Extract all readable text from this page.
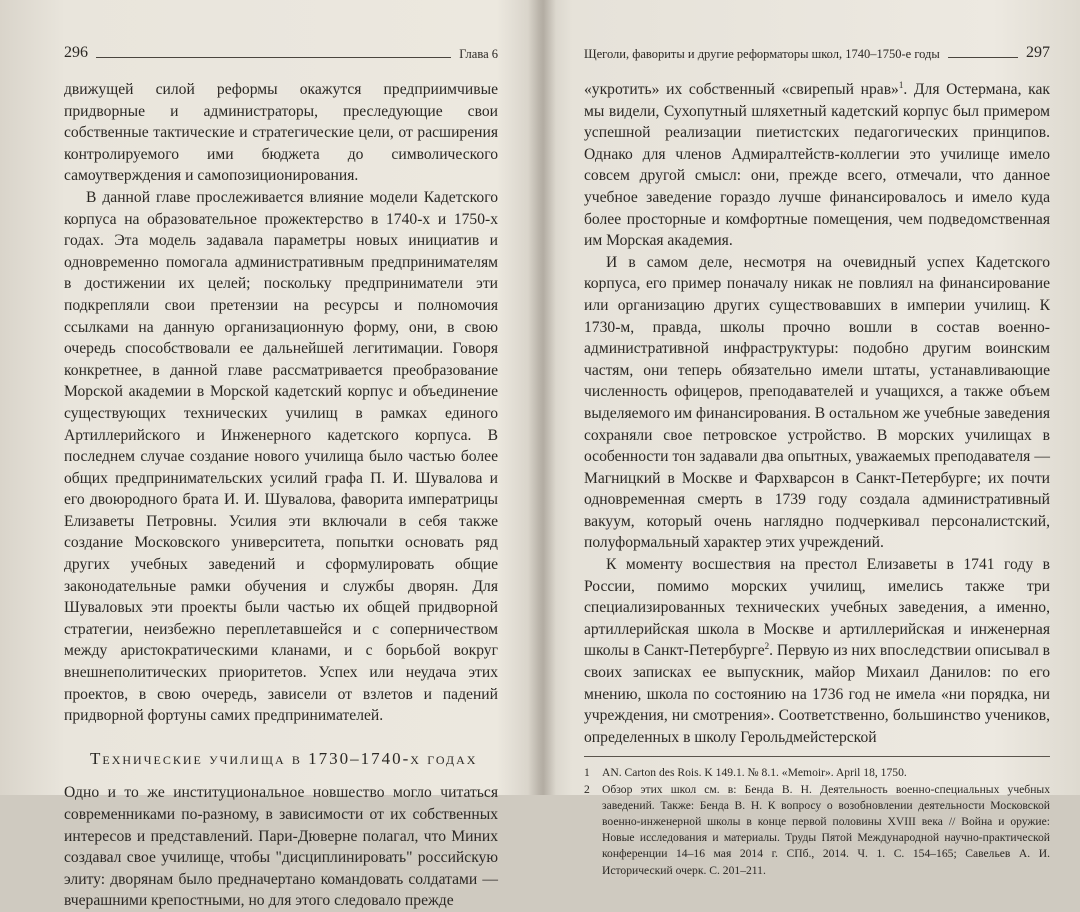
296	Глава 6

движущей силой реформы окажутся предприимчивые придворные и администраторы, преследующие свои собственные тактические и стратегические цели, от расширения контролируемого ими бюджета до символического самоутверждения и самопозиционирования.

В данной главе прослеживается влияние модели Кадетского корпуса на образовательное прожектерство в 1740-х и 1750-х годах. Эта модель задавала параметры новых инициатив и одновременно помогала административным предпринимателям в достижении их целей; поскольку предприниматели эти подкрепляли свои претензии на ресурсы и полномочия ссылками на данную организационную форму, они, в свою очередь способствовали ее дальнейшей легитимации. Говоря конкретнее, в данной главе рассматривается преобразование Морской академии в Морской кадетский корпус и объединение существующих технических училищ в рамках единого Артиллерийского и Инженерного кадетского корпуса. В последнем случае создание нового училища было частью более общих предпринимательских усилий графа П. И. Шувалова и его двоюродного брата И. И. Шувалова, фаворита императрицы Елизаветы Петровны. Усилия эти включали в себя также создание Московского университета, попытки основать ряд других учебных заведений и сформулировать общие законодательные рамки обучения и службы дворян. Для Шуваловых эти проекты были частью их общей придворной стратегии, неизбежно переплетавшейся и с соперничеством между аристократическими кланами, и с борьбой вокруг внешнеполитических приоритетов. Успех или неудача этих проектов, в свою очередь, зависели от взлетов и падений придворной фортуны самих предпринимателей.

Технические училища в 1730–1740-х годах

Одно и то же институциональное новшество могло читаться современниками по-разному, в зависимости от их собственных интересов и представлений. Пари-Дюверне полагал, что Миних создавал свое училище, чтобы "дисциплинировать" российскую элиту: дворянам было предначертано командовать солдатами — вчерашними крепостными, но для этого следовало прежде

Щеголи, фавориты и другие реформаторы школ, 1740–1750-е годы	297

«укротить» их собственный «свирепый нрав»$^1$. Для Остермана, как мы видели, Сухопутный шляхетный кадетский корпус был примером успешной реализации пиетистских педагогических принципов. Однако для членов Адмиралтейств-коллегии это училище имело совсем другой смысл: они, прежде всего, отмечали, что данное учебное заведение гораздо лучше финансировалось и имело куда более просторные и комфортные помещения, чем подведомственная им Морская академия.

И в самом деле, несмотря на очевидный успех Кадетского корпуса, его пример поначалу никак не повлиял на финансирование или организацию других существовавших в империи училищ. К 1730-м, правда, школы прочно вошли в состав военно-административной инфраструктуры: подобно другим воинским частям, они теперь обязательно имели штаты, устанавливающие численность офицеров, преподавателей и учащихся, а также объем выделяемого им финансирования. В остальном же учебные заведения сохраняли свое петровское устройство. В морских училищах в особенности тон задавали два опытных, уважаемых преподавателя — Магницкий в Москве и Фархварсон в Санкт-Петербурге; их почти одновременная смерть в 1739 году создала административный вакуум, который очень наглядно подчеркивал персоналистский, полуформальный характер этих учреждений.

К моменту восшествия на престол Елизаветы в 1741 году в России, помимо морских училищ, имелись также три специализированных технических учебных заведения, а именно, артиллерийская школа в Москве и артиллерийская и инженерная школы в Санкт-Петербурге$^2$. Первую из них впоследствии описывал в своих записках ее выпускник, майор Михаил Данилов: по его мнению, школа по состоянию на 1736 год не имела «ни порядка, ни учреждения, ни смотрения». Соответственно, большинство учеников, определенных в школу Герольдмейстерской

1	AN. Carton des Rois. K 149.1. № 8.1. «Memoir». April 18, 1750.
2	Обзор этих школ см. в: Бенда В. Н. Деятельность военно-специальных учебных заведений. Также: Бенда В. Н. К вопросу о возобновлении деятельности Московской военно-инженерной школы в конце первой половины XVIII века // Война и оружие: Новые исследования и материалы. Труды Пятой Международной научно-практической конференции 14–16 мая 2014 г. СПб., 2014. Ч. 1. С. 154–165; Савельев А. И. Исторический очерк. С. 201–211.
